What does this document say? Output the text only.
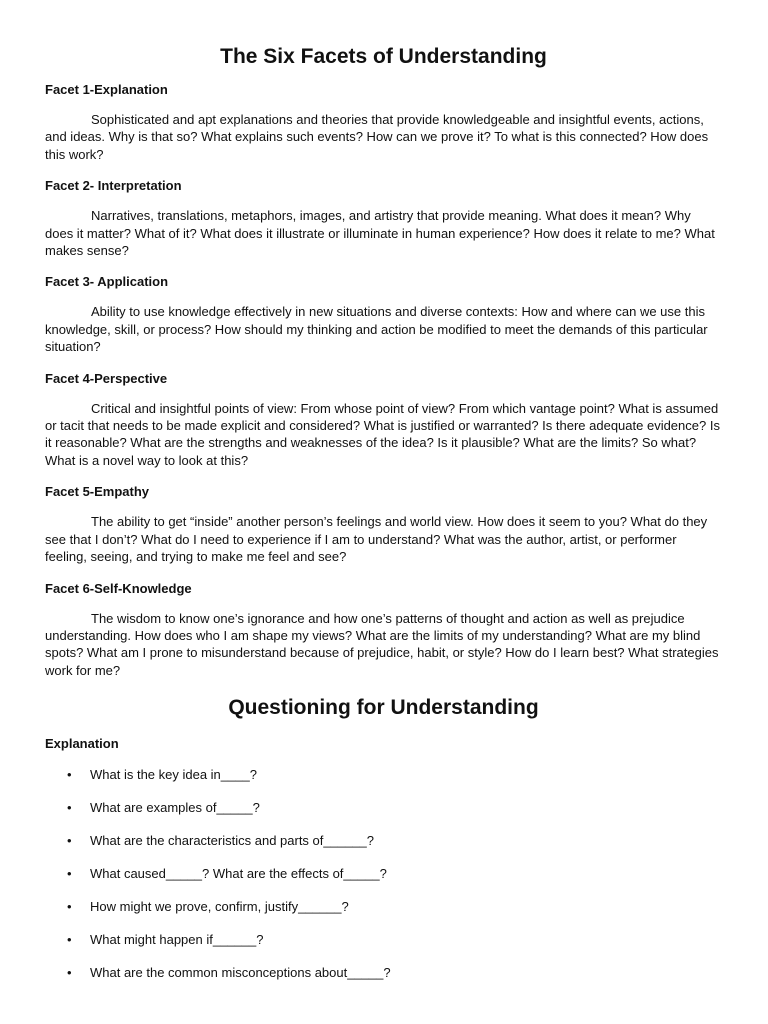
The Six Facets of Understanding

Facet 1-Explanation

Sophisticated and apt explanations and theories that provide knowledgeable and insightful events, actions, and ideas. Why is that so? What explains such events? How can we prove it? To what is this connected? How does this work?

Facet 2- Interpretation

Narratives, translations, metaphors, images, and artistry that provide meaning. What does it mean? Why does it matter? What of it? What does it illustrate or illuminate in human experience? How does it relate to me? What makes sense?

Facet 3- Application

Ability to use knowledge effectively in new situations and diverse contexts: How and where can we use this knowledge, skill, or process? How should my thinking and action be modified to meet the demands of this particular situation?

Facet 4-Perspective

Critical and insightful points of view: From whose point of view? From which vantage point? What is assumed or tacit that needs to be made explicit and considered? What is justified or warranted? Is there adequate evidence? Is it reasonable? What are the strengths and weaknesses of the idea? Is it plausible? What are the limits? So what? What is a novel way to look at this?

Facet 5-Empathy

The ability to get “inside” another person’s feelings and world view. How does it seem to you? What do they see that I don’t? What do I need to experience if I am to understand? What was the author, artist, or performer feeling, seeing, and trying to make me feel and see?

Facet 6-Self-Knowledge

The wisdom to know one’s ignorance and how one’s patterns of thought and action as well as prejudice understanding. How does who I am shape my views? What are the limits of my understanding? What are my blind spots? What am I prone to misunderstand because of prejudice, habit, or style? How do I learn best? What strategies work for me?

Questioning for Understanding

Explanation

• What is the key idea in____?
• What are examples of_____?
• What are the characteristics and parts of______?
• What caused_____? What are the effects of_____?
• How might we prove, confirm, justify______?
• What might happen if______?
• What are the common misconceptions about_____?
